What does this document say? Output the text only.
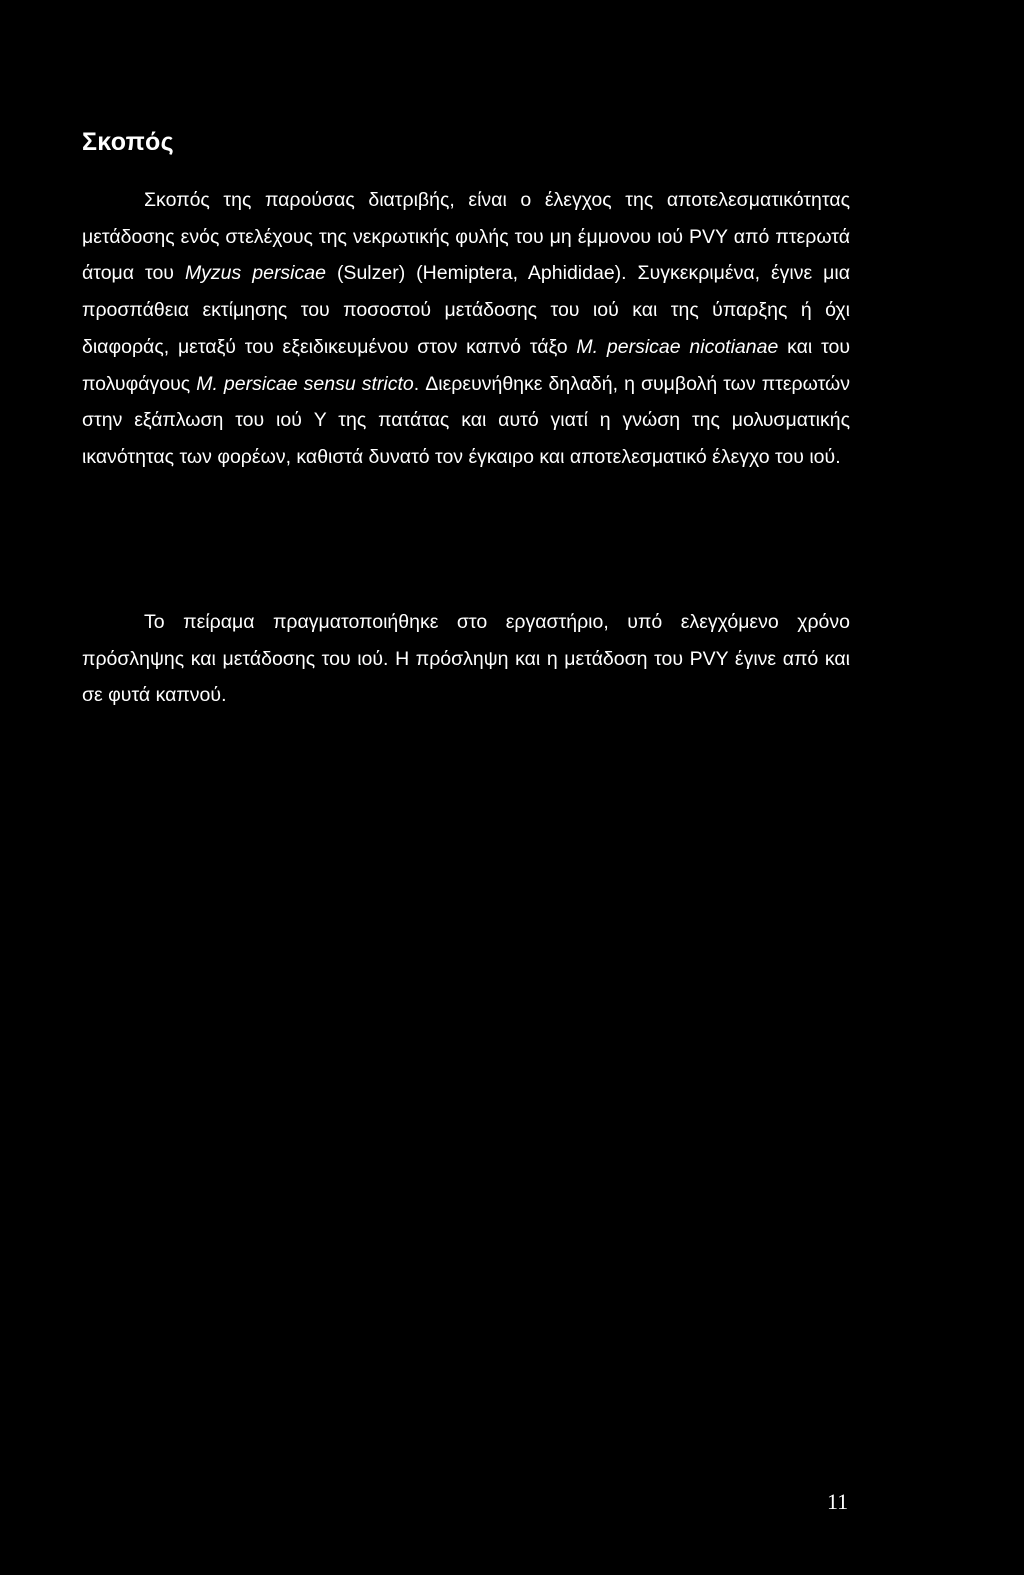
Σκοπός

Σκοπός της παρούσας διατριβής, είναι ο έλεγχος της αποτελεσματικότητας μετάδοσης ενός στελέχους της νεκρωτικής φυλής του μη έμμονου ιού PVY από πτερωτά άτομα του Myzus persicae (Sulzer) (Hemiptera, Aphididae). Συγκεκριμένα, έγινε μια προσπάθεια εκτίμησης του ποσοστού μετάδοσης του ιού και της ύπαρξης ή όχι διαφοράς, μεταξύ του εξειδικευμένου στον καπνό τάξο M. persicae nicotianae και του πολυφάγους M. persicae sensu stricto. Διερευνήθηκε δηλαδή, η συμβολή των πτερωτών στην εξάπλωση του ιού Y της πατάτας και αυτό γιατί η γνώση της μολυσματικής ικανότητας των φορέων, καθιστά δυνατό τον έγκαιρο και αποτελεσματικό έλεγχο του ιού.

Το πείραμα πραγματοποιήθηκε στο εργαστήριο, υπό ελεγχόμενο χρόνο πρόσληψης και μετάδοσης του ιού. Η πρόσληψη και η μετάδοση του PVY έγινε από και σε φυτά καπνού.

11
